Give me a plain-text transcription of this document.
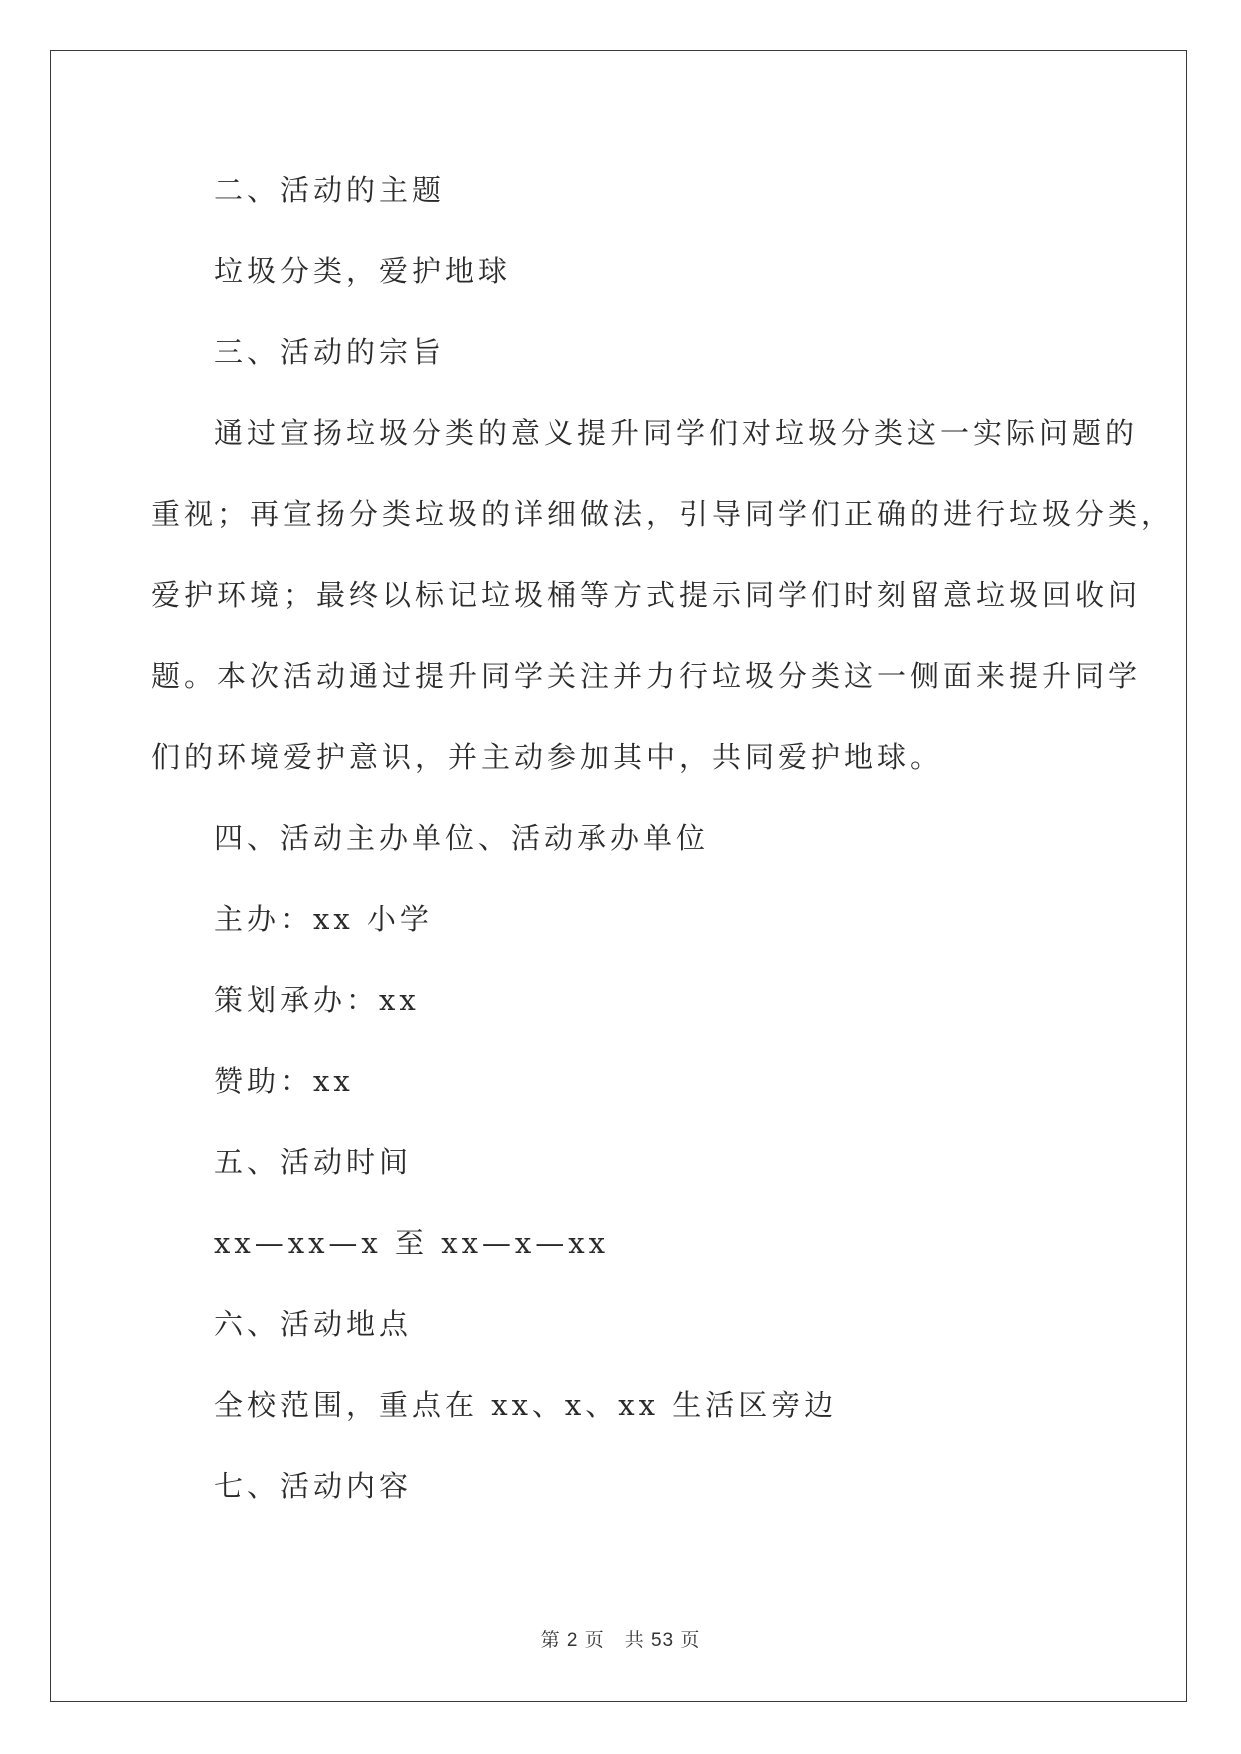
二、活动的主题

垃圾分类，爱护地球

三、活动的宗旨

通过宣扬垃圾分类的意义提升同学们对垃圾分类这一实际问题的

重视；再宣扬分类垃圾的详细做法，引导同学们正确的进行垃圾分类，

爱护环境；最终以标记垃圾桶等方式提示同学们时刻留意垃圾回收问

题。本次活动通过提升同学关注并力行垃圾分类这一侧面来提升同学

们的环境爱护意识，并主动参加其中，共同爱护地球。

四、活动主办单位、活动承办单位

主办：xx 小学

策划承办：xx

赞助：xx

五、活动时间

xx—xx—x 至 xx—x—xx

六、活动地点

全校范围，重点在 xx、x、xx 生活区旁边

七、活动内容

第 2 页　共 53 页
